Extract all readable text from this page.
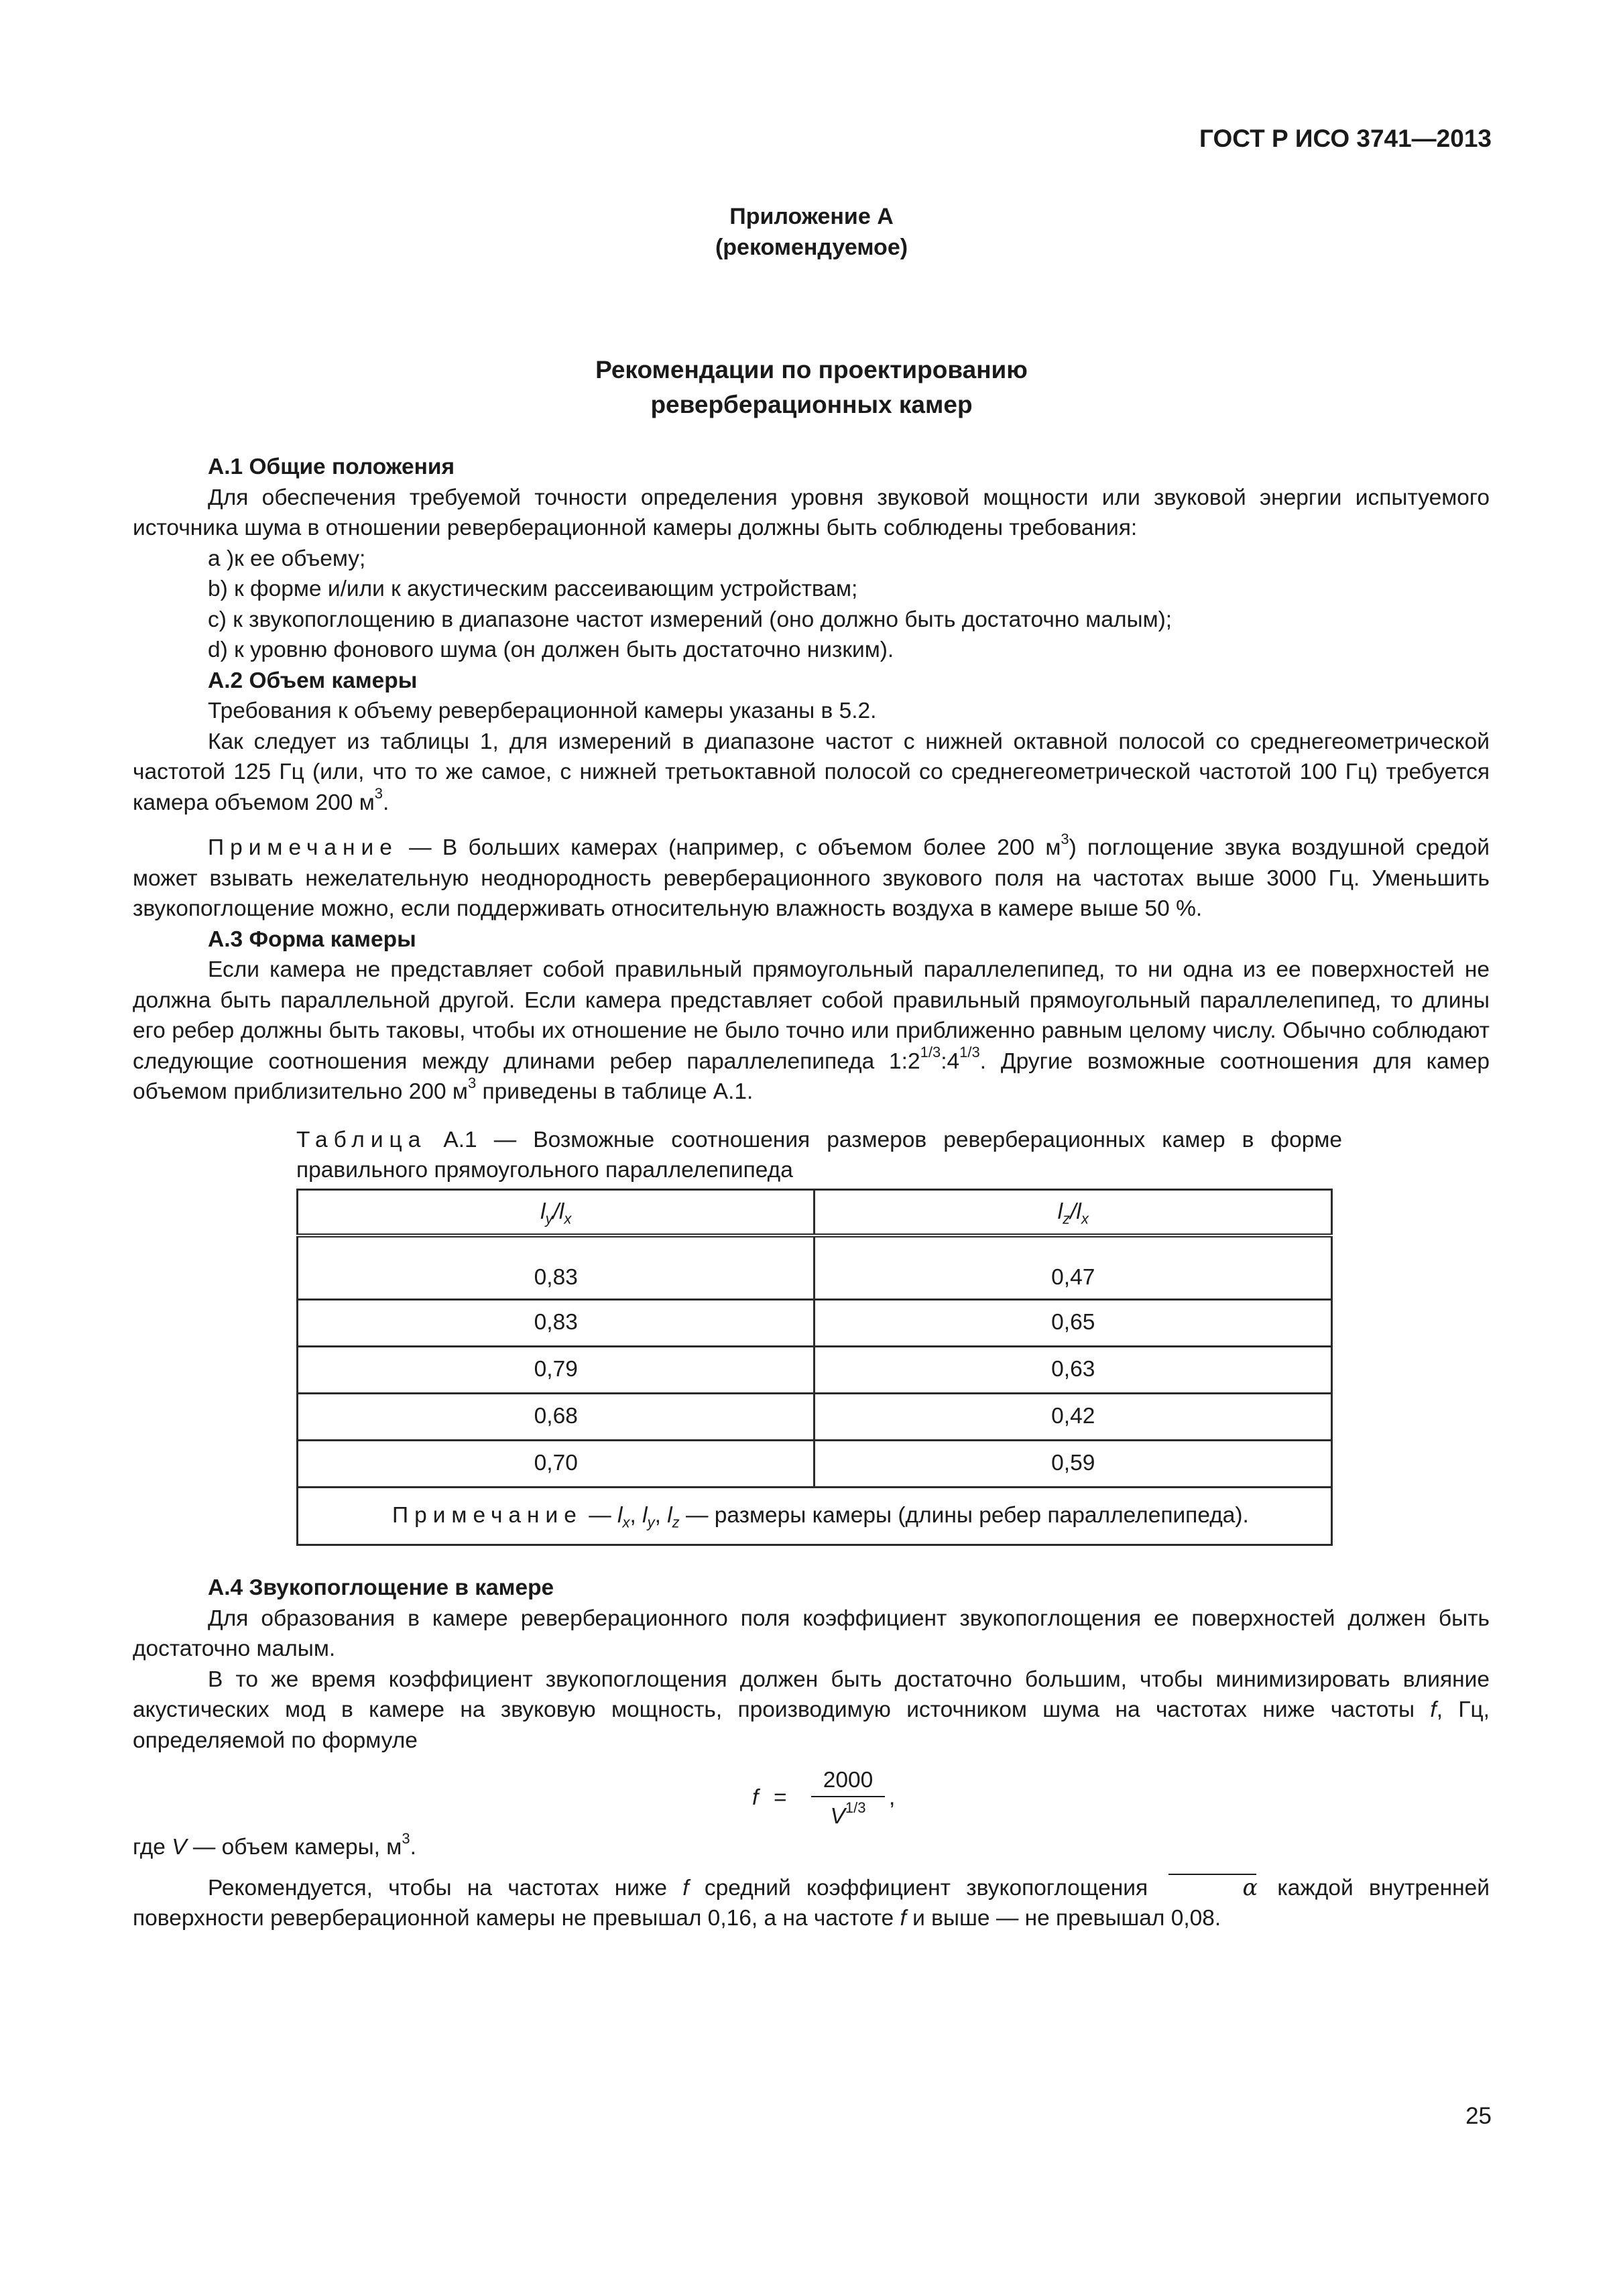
ГОСТ Р ИСО 3741—2013
Приложение А
(рекомендуемое)
Рекомендации по проектированию
реверберационных камер
А.1 Общие положения

Для обеспечения требуемой точности определения уровня звуковой мощности или звуковой энергии испытуемого источника шума в отношении реверберационной камеры должны быть соблюдены требования:

а )к ее объему;
b) к форме и/или к акустическим рассеивающим устройствам;
с) к звукопоглощению в диапазоне частот измерений (оно должно быть достаточно малым);
d) к уровню фонового шума (он должен быть достаточно низким).
А.2 Объем камеры

Требования к объему реверберационной камеры указаны в 5.2.

Как следует из таблицы 1, для измерений в диапазоне частот с нижней октавной полосой со среднегеометрической частотой 125 Гц (или, что то же самое, с нижней третьоктавной полосой со среднегеометрической частотой 100 Гц) требуется камера объемом 200 $м^3$.

Примечание — В больших камерах (например, с объемом более 200 $м^3$) поглощение звука воздушной средой может взывать нежелательную неоднородность реверберационного звукового поля на частотах выше 3000 Гц. Уменьшить звукопоглощение можно, если поддерживать относительную влажность воздуха в камере выше 50 %.

А.3 Форма камеры

Если камера не представляет собой правильный прямоугольный параллелепипед, то ни одна из ее поверхностей не должна быть параллельной другой. Если камера представляет собой правильный прямоугольный параллелепипед, то длины его ребер должны быть таковы, чтобы их отношение не было точно или приближенно равным целому числу. Обычно соблюдают следующие соотношения между длинами ребер параллелепипеда $1:2^{1/3}:4^{1/3}$. Другие возможные соотношения для камер объемом приблизительно 200 $м^3$ приведены в таблице А.1.

Таблица А.1 — Возможные соотношения размеров реверберационных камер в форме правильного прямоугольного параллелепипеда
$l_y/l_x$	$l_z/l_x$
0,83	0,47
0,83	0,65
0,79	0,63
0,68	0,42
0,70	0,59
Примечание — $l_x$, $l_y$, $l_z$ — размеры камеры (длины ребер параллелепипеда).	
А.4 Звукопоглощение в камере

Для образования в камере реверберационного поля коэффициент звукопоглощения ее поверхностей должен быть достаточно малым.

В то же время коэффициент звукопоглощения должен быть достаточно большим, чтобы минимизировать влияние акустических мод в камере на звуковую мощность, производимую источником шума на частотах ниже частоты f, Гц, определяемой по формуле

f =
2000
$V^{1/3}$	,

где V — объем камеры, $м^3$.

Рекомендуется, чтобы на частотах ниже f средний коэффициент звукопоглощения	α каждой внутренней поверхности реверберационной камеры не превышал 0,16, а на частоте f и выше — не превышал 0,08.

25
